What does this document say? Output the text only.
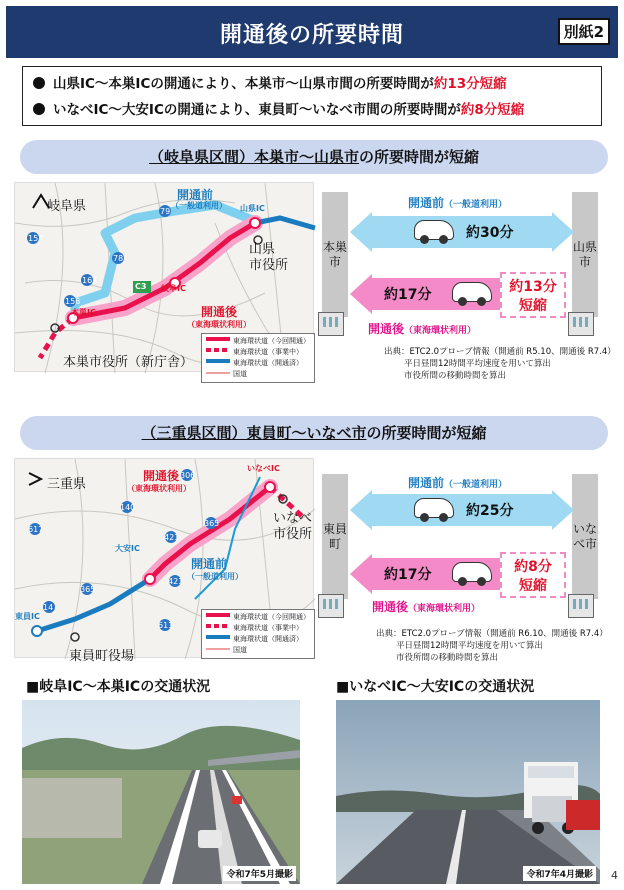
開通後の所要時間	別紙2
山県IC～本巣ICの開通により、本巣市～山県市間の所要時間が約13分短縮
いなべIC～大安ICの開通により、東員町～いなべ市間の所要時間が約8分短縮
（岐阜県区間）本巣市～山県市の所要時間が短縮
岐阜県
開通前
（一般道利用） 山県IC
山県
市役所
岐阜IC
開通後
（東海環状利用）
本巣IC
本巣市役所（新庁舎）
C3
157
167
79
78
156
東海環状道（今回開通）
東海環状道（事業中）
東海環状道（開通済）
国道
本巣市
山県市
開通前（一般道利用）
約30分
約17分	約13分
短縮
開通後（東海環状利用）
出典：ETC2.0プローブ情報（開通前 R5.10、開通後 R7.4）
平日昼間12時間平均速度を用いて算出
市役所間の移動時間を算出
（三重県区間）東員町～いなべ市の所要時間が短縮
三重県
開通後
（東海環状利用）
いなべIC
いなべ
市役所
大安IC
開通前
（一般道利用）
東員IC
東員町役場
306
140
365
421
421
617
14
365
611
東海環状道（今回開通）
東海環状道（事業中）
東海環状道（開通済）
国道
東員町
いなべ市
開通前（一般道利用）
約25分
約17分	約8分
短縮
開通後（東海環状利用）
出典：ETC2.0プローブ情報（開通前 R6.10、開通後 R7.4）
平日昼間12時間平均速度を用いて算出
市役所間の移動時間を算出
■岐阜IC～本巣ICの交通状況	■いなべIC～大安ICの交通状況
令和7年5月撮影	令和7年4月撮影 4
